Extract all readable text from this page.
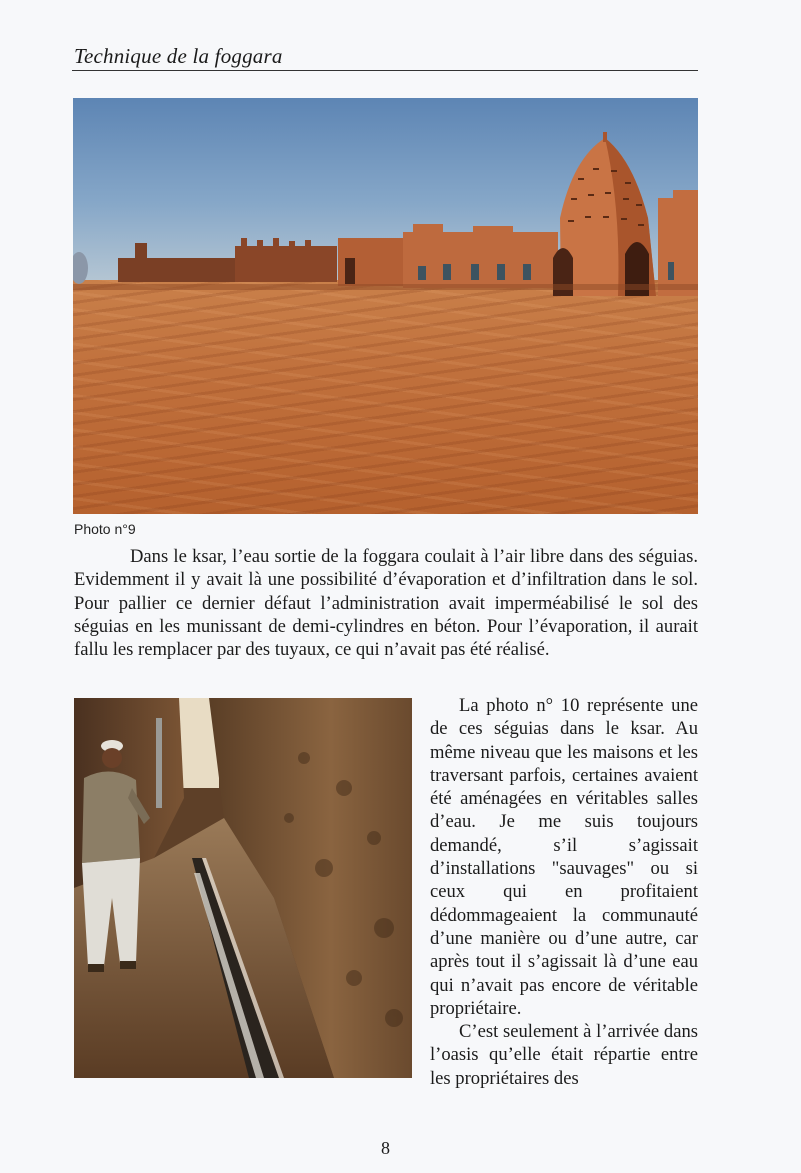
Technique de la foggara
Photo n°9

Dans le ksar, l’eau sortie de la foggara coulait à l’air libre dans des séguias. Evidemment il y avait là une possibilité d’évaporation et d’infiltration dans le sol. Pour pallier ce dernier défaut l’administration avait imperméabilisé le sol des séguias en les munissant de demi-cylindres en béton. Pour l’évaporation, il aurait fallu les remplacer par des tuyaux, ce qui n’avait pas été réalisé.

La photo n° 10 représente une de ces séguias dans le ksar. Au même niveau que les maisons et les traversant parfois, certaines avaient été aménagées en véritables salles d’eau. Je me suis toujours demandé, s’il s’agissait d’installations "sauvages" ou si ceux qui en profitaient dédommageaient la communauté d’une manière ou d’une autre, car après tout il s’agissait là d’une eau qui n’avait pas encore de véritable propriétaire.

C’est seulement à l’arrivée dans l’oasis qu’elle était répartie entre les propriétaires des

8
